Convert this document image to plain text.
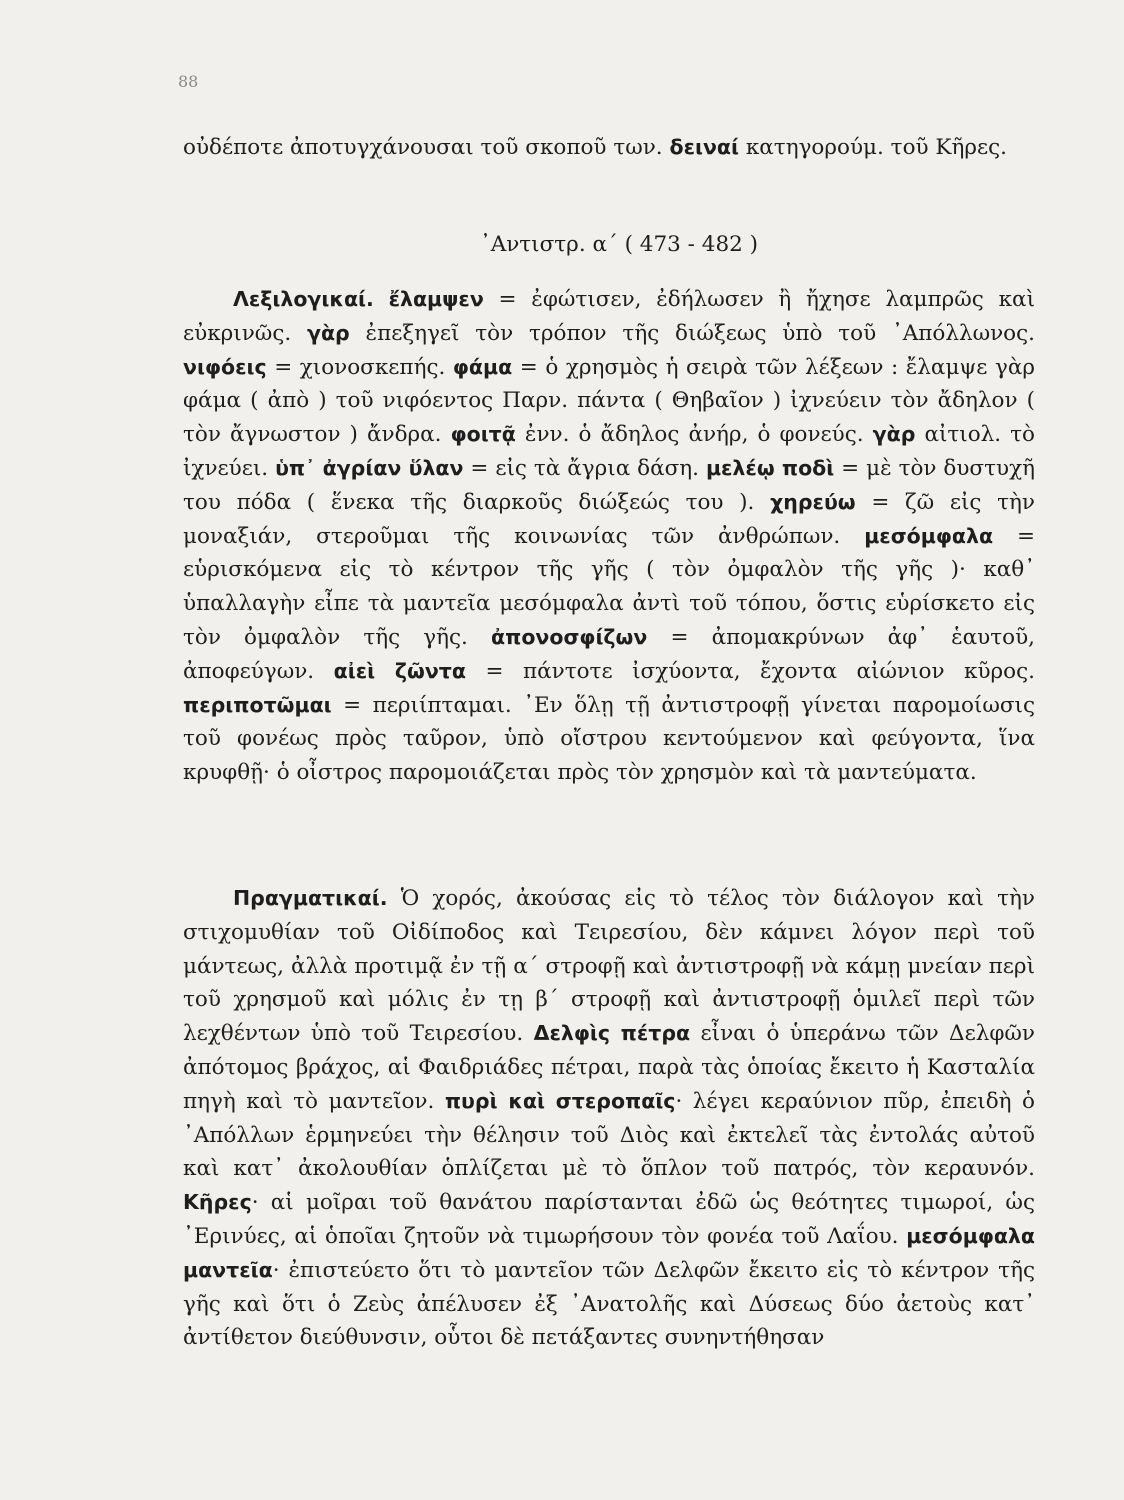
88

οὐδέποτε ἀποτυγχάνουσαι τοῦ σκοποῦ των. δειναί κατηγορούμ. τοῦ Κῆρες.

᾽Αντιστρ. α΄ ( 473 - 482 )

Λεξιλογικαί. ἔλαμψεν = ἐφώτισεν, ἐδήλωσεν ἢ ἤχησε λαμπρῶς καὶ εὐκρινῶς. γὰρ ἐπεξηγεῖ τὸν τρόπον τῆς διώξεως ὑπὸ τοῦ ᾽Απόλλωνος. νιφόεις = χιονοσκεπής. φάμα = ὁ χρησμὸς ἡ σειρὰ τῶν λέξεων : ἔλαμψε γὰρ φάμα ( ἀπὸ ) τοῦ νιφόεντος Παρν. πάντα ( Θηβαῖον ) ἰχνεύειν τὸν ἄδηλον ( τὸν ἄγνωστον ) ἄνδρα. φοιτᾷ ἐνν. ὁ ἄδηλος ἀνήρ, ὁ φονεύς. γὰρ αἰτιολ. τὸ ἰχνεύει. ὑπ᾽ ἀγρίαν ὕλαν = εἰς τὰ ἄγρια δάση. μελέῳ ποδὶ = μὲ τὸν δυστυχῆ του πόδα ( ἕνεκα τῆς διαρκοῦς διώξεώς του ). χηρεύω = ζῶ εἰς τὴν μοναξιάν, στεροῦμαι τῆς κοινωνίας τῶν ἀνθρώπων. μεσόμφαλα = εὑρισκόμενα εἰς τὸ κέντρον τῆς γῆς ( τὸν ὀμφαλὸν τῆς γῆς )· καθ᾽ ὑπαλλαγὴν εἶπε τὰ μαντεῖα μεσόμφαλα ἀντὶ τοῦ τόπου, ὅστις εὑρίσκετο εἰς τὸν ὀμφαλὸν τῆς γῆς. ἀπονοσφίζων = ἀπομακρύνων ἀφ᾽ ἑαυτοῦ, ἀποφεύγων. αἰεὶ ζῶντα = πάντοτε ἰσχύοντα, ἔχοντα αἰώνιον κῦρος. περιποτῶμαι = περιίπταμαι. ᾽Εν ὅλῃ τῇ ἀντιστροφῇ γίνεται παρομοίωσις τοῦ φονέως πρὸς ταῦρον, ὑπὸ οἴστρου κεντούμενον καὶ φεύγοντα, ἵνα κρυφθῇ· ὁ οἶστρος παρομοιάζεται πρὸς τὸν χρησμὸν καὶ τὰ μαντεύματα.

Πραγματικαί. Ὁ χορός, ἀκούσας εἰς τὸ τέλος τὸν διάλογον καὶ τὴν στιχομυθίαν τοῦ Οἰδίποδος καὶ Τειρεσίου, δὲν κάμνει λόγον περὶ τοῦ μάντεως, ἀλλὰ προτιμᾷ ἐν τῇ α΄ στροφῇ καὶ ἀντιστροφῇ νὰ κάμῃ μνείαν περὶ τοῦ χρησμοῦ καὶ μόλις ἐν τῃ β΄ στροφῇ καὶ ἀντιστροφῇ ὁμιλεῖ περὶ τῶν λεχθέντων ὑπὸ τοῦ Τειρεσίου. Δελφὶς πέτρα εἶναι ὁ ὑπεράνω τῶν Δελφῶν ἀπότομος βράχος, αἱ Φαιδριάδες πέτραι, παρὰ τὰς ὁποίας ἔκειτο ἡ Κασταλία πηγὴ καὶ τὸ μαντεῖον. πυρὶ καὶ στεροπαῖς· λέγει κεραύνιον πῦρ, ἐπειδὴ ὁ ᾽Απόλλων ἑρμηνεύει τὴν θέλησιν τοῦ Διὸς καὶ ἐκτελεῖ τὰς ἐντολάς αὐτοῦ καὶ κατ᾽ ἀκολουθίαν ὁπλίζεται μὲ τὸ ὅπλον τοῦ πατρός, τὸν κεραυνόν. Κῆρες· αἱ μοῖραι τοῦ θανάτου παρίστανται ἐδῶ ὡς θεότητες τιμωροί, ὡς ᾽Ερινύες, αἱ ὁποῖαι ζητοῦν νὰ τιμωρήσουν τὸν φονέα τοῦ Λαΐου. μεσόμφαλα μαντεῖα· ἐπιστεύετο ὅτι τὸ μαντεῖον τῶν Δελφῶν ἔκειτο εἰς τὸ κέντρον τῆς γῆς καὶ ὅτι ὁ Ζεὺς ἀπέλυσεν ἐξ ᾽Ανατολῆς καὶ Δύσεως δύο ἀετοὺς κατ᾽ ἀντίθετον διεύθυνσιν, οὗτοι δὲ πετάξαντες συνηντήθησαν
